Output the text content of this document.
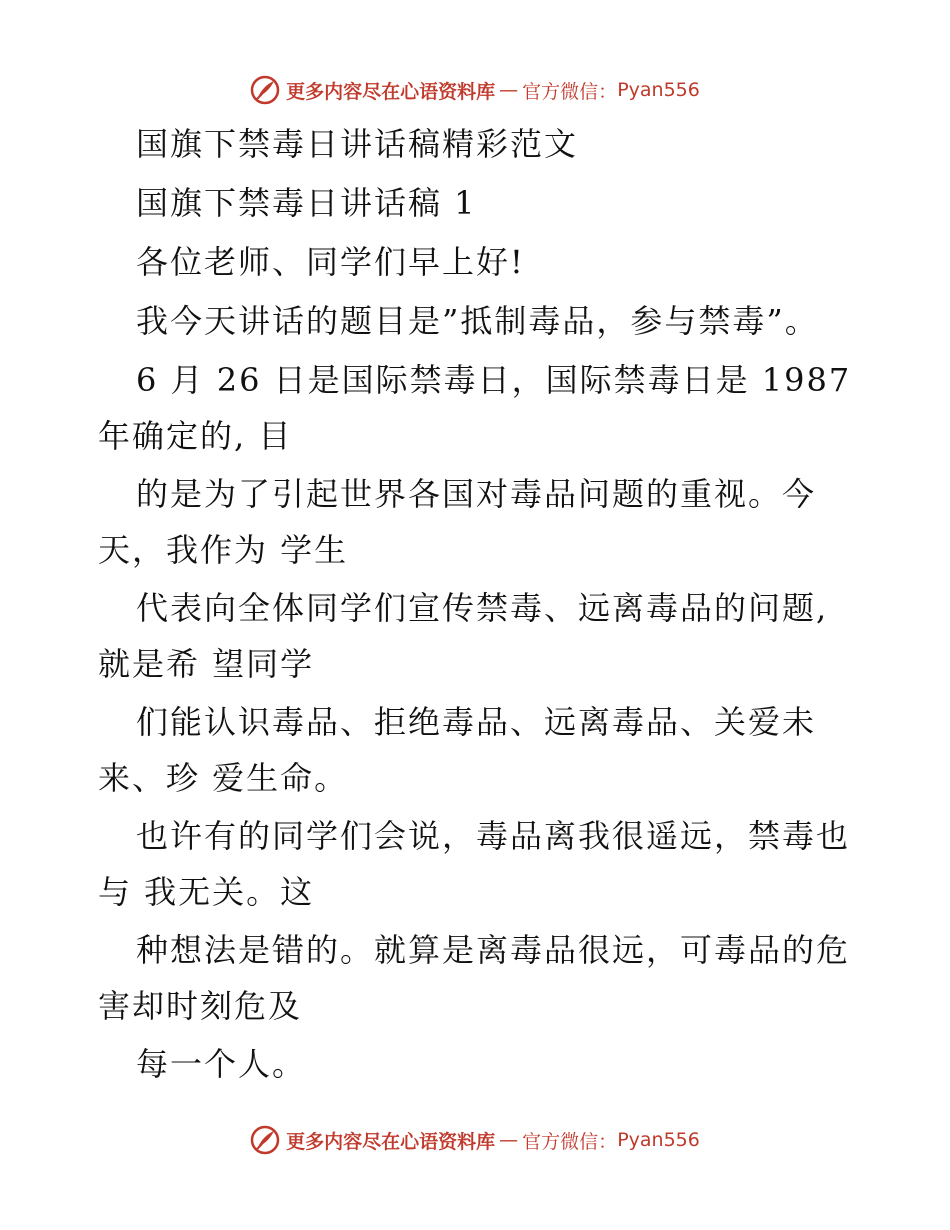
更多内容尽在心语资料库 — 官方微信： Pyan556
国旗下禁毒日讲话稿精彩范文
国旗下禁毒日讲话稿 1
各位老师、同学们早上好!
我今天讲话的题目是”抵制毒品，参与禁毒”。
6 月 26 日是国际禁毒日，国际禁毒日是 1987
年确定的, 目
的是为了引起世界各国对毒品问题的重视。今
天，我作为 学生
代表向全体同学们宣传禁毒、远离毒品的问题,
就是希 望同学
们能认识毒品、拒绝毒品、远离毒品、关爱未
来、珍 爱生命。
也许有的同学们会说，毒品离我很遥远，禁毒也
与 我无关。这
种想法是错的。就算是离毒品很远，可毒品的危
害却时刻危及
每一个人。
更多内容尽在心语资料库 — 官方微信： Pyan556
